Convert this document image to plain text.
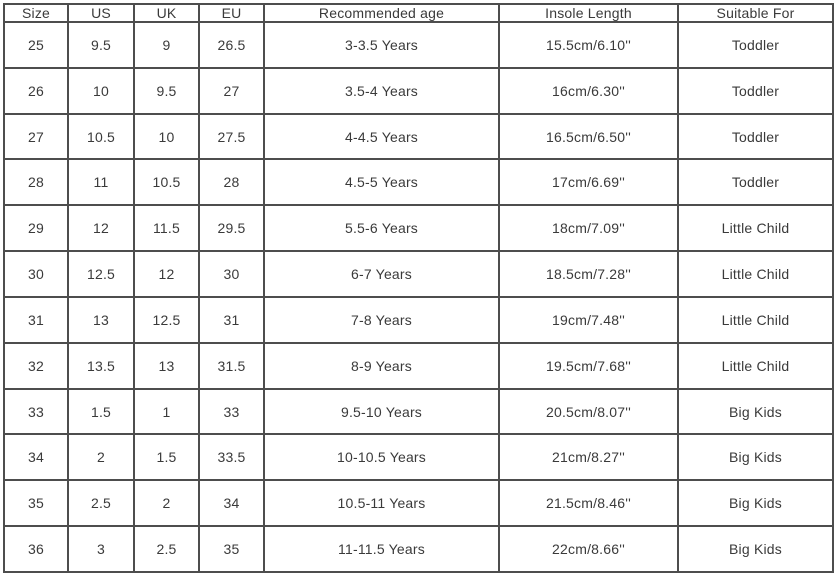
Size	US	UK	EU	Recommended age	Insole Length	Suitable For
25	9.5	9	26.5	3-3.5 Years	15.5cm/6.10''	Toddler
26	10	9.5	27	3.5-4 Years	16cm/6.30''	Toddler
27	10.5	10	27.5	4-4.5 Years	16.5cm/6.50''	Toddler
28	11	10.5	28	4.5-5 Years	17cm/6.69''	Toddler
29	12	11.5	29.5	5.5-6 Years	18cm/7.09''	Little Child
30	12.5	12	30	6-7 Years	18.5cm/7.28''	Little Child
31	13	12.5	31	7-8 Years	19cm/7.48''	Little Child
32	13.5	13	31.5	8-9 Years	19.5cm/7.68''	Little Child
33	1.5	1	33	9.5-10 Years	20.5cm/8.07''	Big Kids
34	2	1.5	33.5	10-10.5 Years	21cm/8.27''	Big Kids
35	2.5	2	34	10.5-11 Years	21.5cm/8.46''	Big Kids
36	3	2.5	35	11-11.5 Years	22cm/8.66''	Big Kids
